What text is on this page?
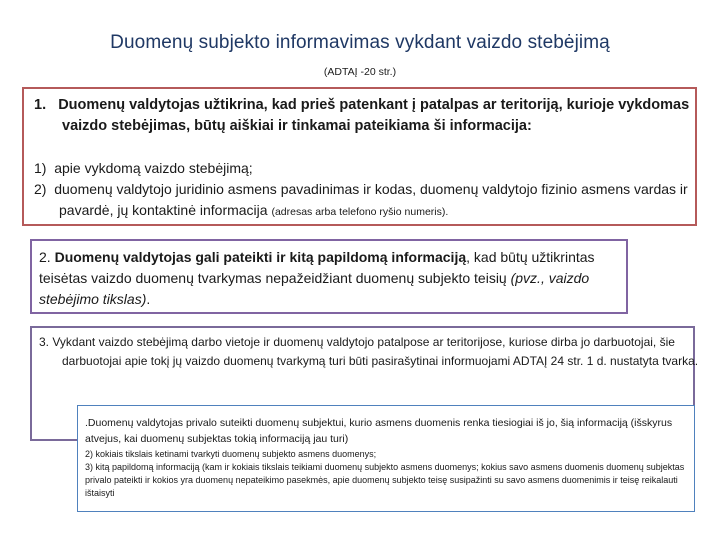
Duomenų subjekto informavimas vykdant vaizdo stebėjimą
(ADTAĮ -20 str.)
1. Duomenų valdytojas užtikrina, kad prieš patenkant į patalpas ar teritoriją, kurioje vykdomas vaizdo stebėjimas, būtų aiškiai ir tinkamai pateikiama ši informacija:
1) apie vykdomą vaizdo stebėjimą;
2) duomenų valdytojo juridinio asmens pavadinimas ir kodas, duomenų valdytojo fizinio asmens vardas ir pavardė, jų kontaktinė informacija (adresas arba telefono ryšio numeris).
2. Duomenų valdytojas gali pateikti ir kitą papildomą informaciją, kad būtų užtikrintas teisėtas vaizdo duomenų tvarkymas nepažeidžiant duomenų subjekto teisių (pvz., vaizdo stebėjimo tikslas).
3. Vykdant vaizdo stebėjimą darbo vietoje ir duomenų valdytojo patalpose ar teritorijose, kuriose dirba jo darbuotojai, šie darbuotojai apie tokį jų vaizdo duomenų tvarkymą turi būti pasirašytinai informuojami ADTAĮ 24 str. 1 d. nustatyta tvarka.
.Duomenų valdytojas privalo suteikti duomenų subjektui, kurio asmens duomenis renka tiesiogiai iš jo, šią informaciją (išskyrus atvejus, kai duomenų subjektas tokią informaciją jau turi)
2) kokiais tikslais ketinami tvarkyti duomenų subjekto asmens duomenys;
3) kitą papildomą informaciją (kam ir kokiais tikslais teikiami duomenų subjekto asmens duomenys; kokius savo asmens duomenis duomenų subjektas privalo pateikti ir kokios yra duomenų nepateikimo pasekmės, apie duomenų subjekto teisę susipažinti su savo asmens duomenimis ir teisę reikalauti ištaisyti
